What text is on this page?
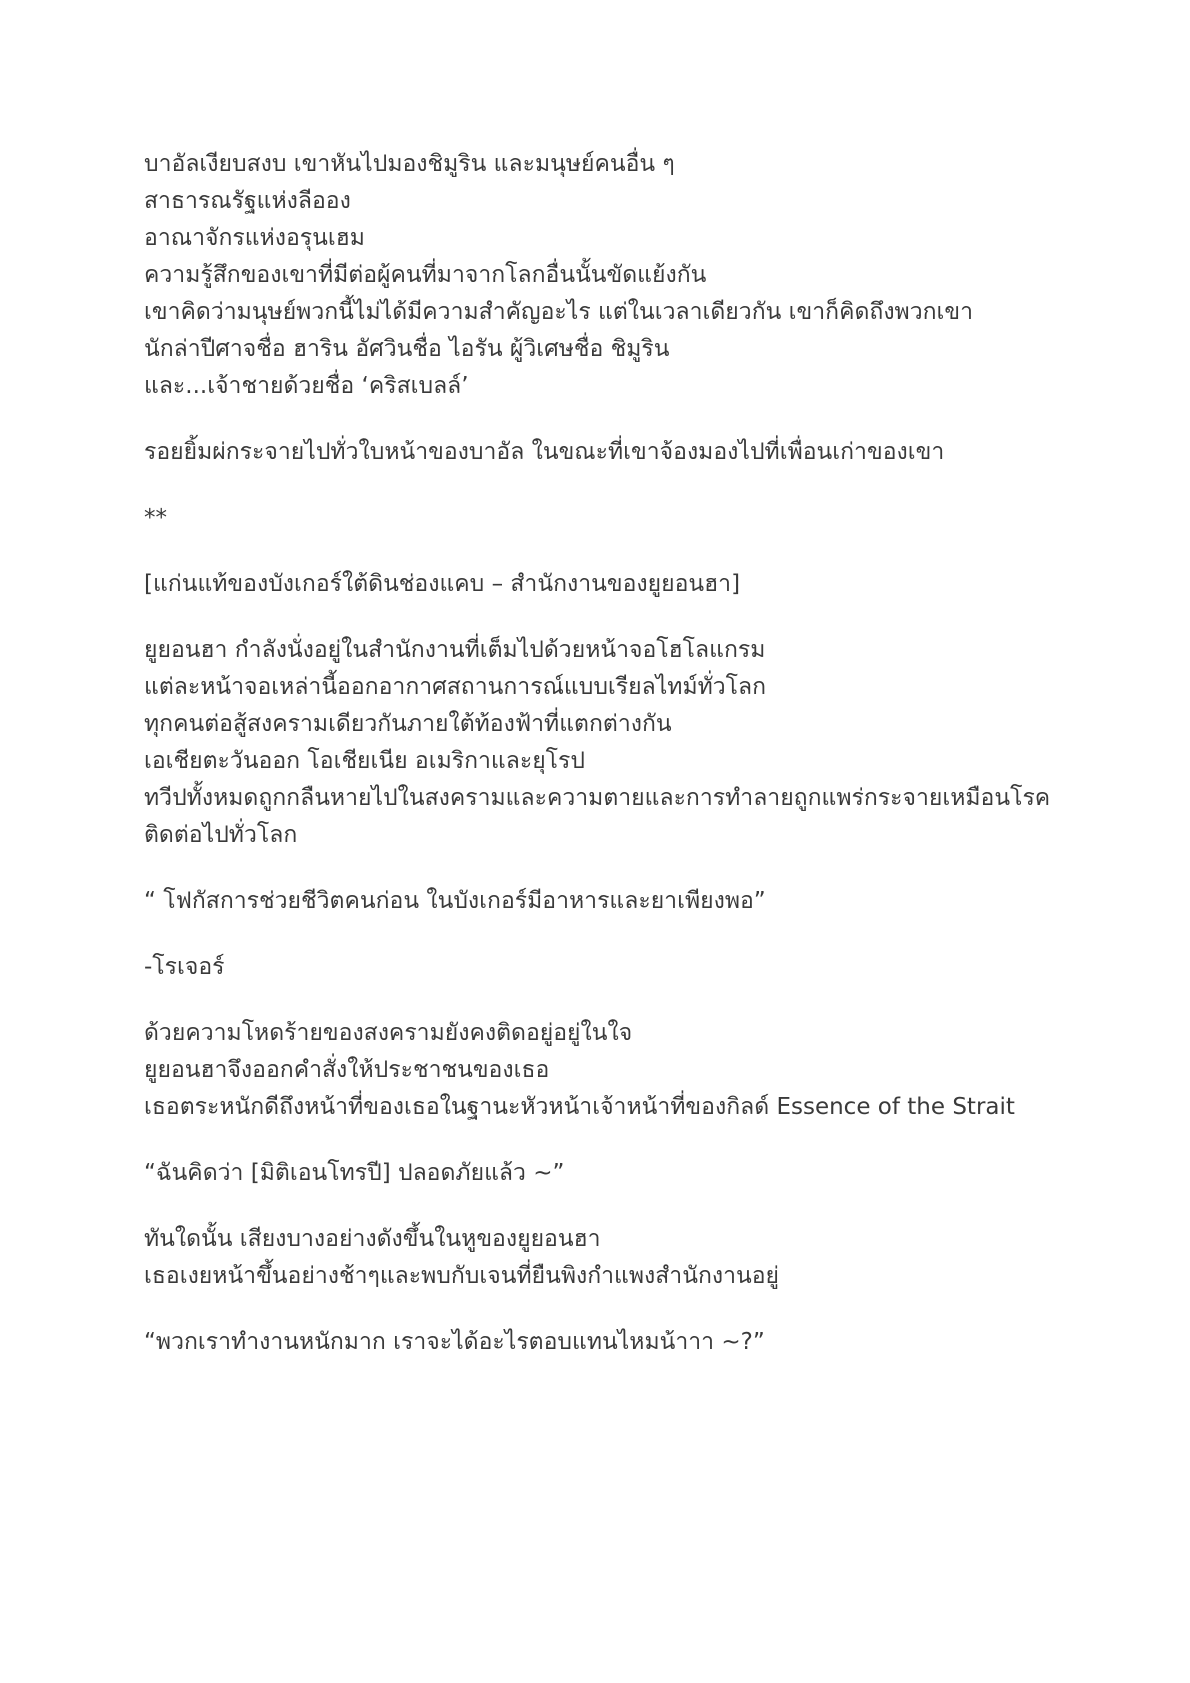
บาอัลเงียบสงบ เขาหันไปมองชิมูริน และมนุษย์คนอื่น ๆ
สาธารณรัฐแห่งลีออง
อาณาจักรแห่งอรุนเฮม
ความรู้สึกของเขาที่มีต่อผู้คนที่มาจากโลกอื่นนั้นขัดแย้งกัน
เขาคิดว่ามนุษย์พวกนี้ไม่ได้มีความสำคัญอะไร แต่ในเวลาเดียวกัน เขาก็คิดถึงพวกเขา
นักล่าปีศาจชื่อ ฮาริน อัศวินชื่อ ไอรัน ผู้วิเศษชื่อ ชิมูริน
และ...เจ้าชายด้วยชื่อ ‘คริสเบลล์’
รอยยิ้มผ่กระจายไปทั่วใบหน้าของบาอัล ในขณะที่เขาจ้องมองไปที่เพื่อนเก่าของเขา
**
[แก่นแท้ของบังเกอร์ใต้ดินช่องแคบ – สำนักงานของยูยอนฮา]
ยูยอนฮา กำลังนั่งอยู่ในสำนักงานที่เต็มไปด้วยหน้าจอโฮโลแกรม
แต่ละหน้าจอเหล่านี้ออกอากาศสถานการณ์แบบเรียลไทม์ทั่วโลก
ทุกคนต่อสู้สงครามเดียวกันภายใต้ท้องฟ้าที่แตกต่างกัน
เอเชียตะวันออก โอเชียเนีย อเมริกาและยุโรป
ทวีปทั้งหมดถูกกลืนหายไปในสงครามและความตายและการทำลายถูกแพร่กระจายเหมือนโรคติดต่อไปทั่วโลก
“ โฟกัสการช่วยชีวิตคนก่อน ในบังเกอร์มีอาหารและยาเพียงพอ”
-โรเจอร์
ด้วยความโหดร้ายของสงครามยังคงติดอยู่อยู่ในใจ
ยูยอนฮาจึงออกคำสั่งให้ประชาชนของเธอ
เธอตระหนักดีถึงหน้าที่ของเธอในฐานะหัวหน้าเจ้าหน้าที่ของกิลด์ Essence of the Strait
“ฉันคิดว่า [มิติเอนโทรปี] ปลอดภัยแล้ว ~”
ทันใดนั้น เสียงบางอย่างดังขึ้นในหูของยูยอนฮา
เธอเงยหน้าขึ้นอย่างช้าๆและพบกับเจนที่ยืนพิงกำแพงสำนักงานอยู่
“พวกเราทำงานหนักมาก เราจะได้อะไรตอบแทนไหมน้าาา ~?”
